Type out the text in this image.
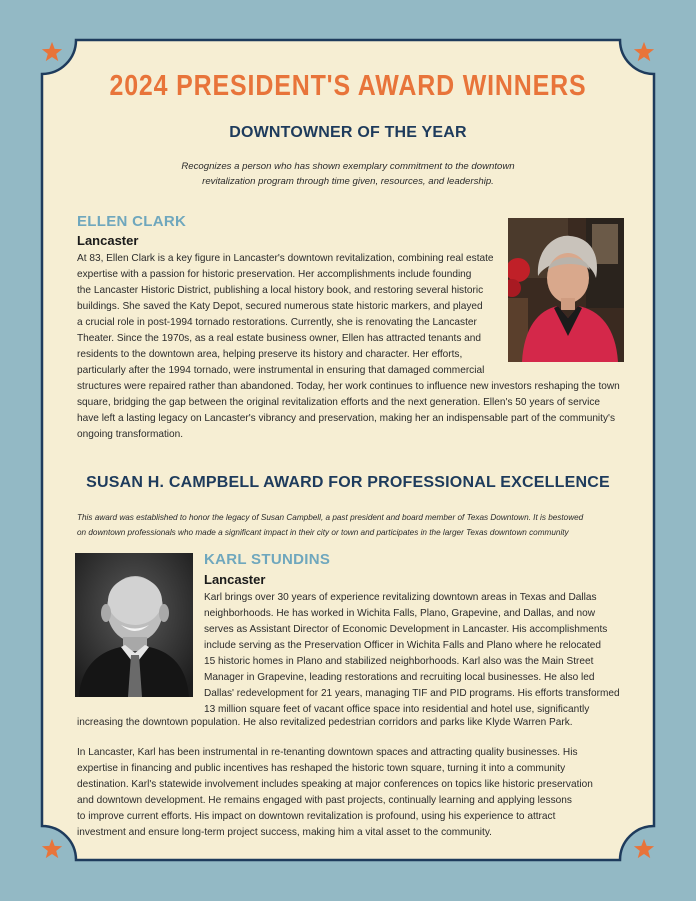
2024 PRESIDENT'S AWARD WINNERS
DOWNTOWNER OF THE YEAR
Recognizes a person who has shown exemplary commitment to the downtown
revitalization program through time given, resources, and leadership.
ELLEN CLARK
Lancaster
At 83, Ellen Clark is a key figure in Lancaster's downtown revitalization, combining real estate
expertise with a passion for historic preservation. Her accomplishments include founding
the Lancaster Historic District, publishing a local history book, and restoring several historic
buildings. She saved the Katy Depot, secured numerous state historic markers, and played
a crucial role in post-1994 tornado restorations. Currently, she is renovating the Lancaster
Theater. Since the 1970s, as a real estate business owner, Ellen has attracted tenants and
residents to the downtown area, helping preserve its history and character. Her efforts,
particularly after the 1994 tornado, were instrumental in ensuring that damaged commercial
structures were repaired rather than abandoned. Today, her work continues to influence new investors reshaping the town
square, bridging the gap between the original revitalization efforts and the next generation. Ellen's 50 years of service
have left a lasting legacy on Lancaster's vibrancy and preservation, making her an indispensable part of the community's
ongoing transformation.
SUSAN H. CAMPBELL AWARD FOR PROFESSIONAL EXCELLENCE
This award was established to honor the legacy of Susan Campbell, a past president and board member of Texas Downtown. It is bestowed
on downtown professionals who made a significant impact in their city or town and participates in the larger Texas downtown community
KARL STUNDINS
Lancaster
Karl brings over 30 years of experience revitalizing downtown areas in Texas and Dallas
neighborhoods. He has worked in Wichita Falls, Plano, Grapevine, and Dallas, and now
serves as Assistant Director of Economic Development in Lancaster. His accomplishments
include serving as the Preservation Officer in Wichita Falls and Plano where he relocated
15 historic homes in Plano and stabilized neighborhoods. Karl also was the Main Street
Manager in Grapevine, leading restorations and recruiting local businesses. He also led
Dallas' redevelopment for 21 years, managing TIF and PID programs. His efforts transformed
13 million square feet of vacant office space into residential and hotel use, significantly
increasing the downtown population. He also revitalized pedestrian corridors and parks like Klyde Warren Park.
In Lancaster, Karl has been instrumental in re-tenanting downtown spaces and attracting quality businesses. His
expertise in financing and public incentives has reshaped the historic town square, turning it into a community
destination. Karl's statewide involvement includes speaking at major conferences on topics like historic preservation
and downtown development. He remains engaged with past projects, continually learning and applying lessons
to improve current efforts. His impact on downtown revitalization is profound, using his experience to attract
investment and ensure long-term project success, making him a vital asset to the community.
